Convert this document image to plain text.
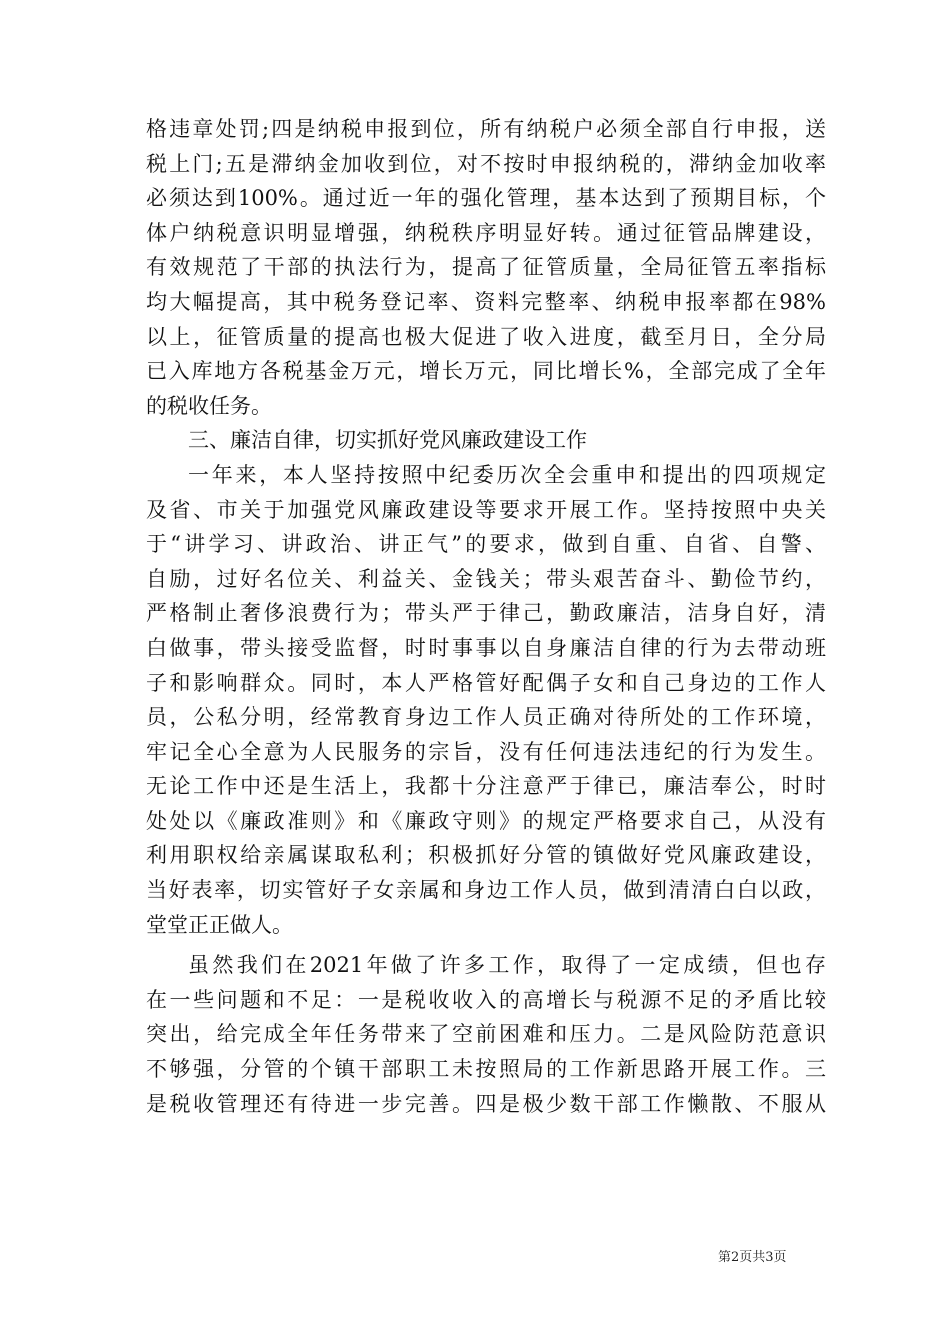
格违章处罚;四是纳税申报到位，所有纳税户必须全部自行申报，送
税上门;五是滞纳金加收到位，对不按时申报纳税的，滞纳金加收率
必须达到100%。通过近一年的强化管理，基本达到了预期目标，个
体户纳税意识明显增强，纳税秩序明显好转。通过征管品牌建设，
有效规范了干部的执法行为，提高了征管质量，全局征管五率指标
均大幅提高，其中税务登记率、资料完整率、纳税申报率都在98%
以上，征管质量的提高也极大促进了收入进度，截至月日，全分局
已入库地方各税基金万元，增长万元，同比增长%，全部完成了全年
的税收任务。
三、廉洁自律，切实抓好党风廉政建设工作
一年来，本人坚持按照中纪委历次全会重申和提出的四项规定
及省、市关于加强党风廉政建设等要求开展工作。坚持按照中央关
于“讲学习、讲政治、讲正气”的要求，做到自重、自省、自警、
自励，过好名位关、利益关、金钱关；带头艰苦奋斗、勤俭节约，
严格制止奢侈浪费行为；带头严于律己，勤政廉洁，洁身自好，清
白做事，带头接受监督，时时事事以自身廉洁自律的行为去带动班
子和影响群众。同时，本人严格管好配偶子女和自己身边的工作人
员，公私分明，经常教育身边工作人员正确对待所处的工作环境，
牢记全心全意为人民服务的宗旨，没有任何违法违纪的行为发生。
无论工作中还是生活上，我都十分注意严于律已，廉洁奉公，时时
处处以《廉政准则》和《廉政守则》的规定严格要求自己，从没有
利用职权给亲属谋取私利；积极抓好分管的镇做好党风廉政建设，
当好表率，切实管好子女亲属和身边工作人员，做到清清白白以政，
堂堂正正做人。
虽然我们在2021年做了许多工作，取得了一定成绩，但也存
在一些问题和不足：一是税收收入的高增长与税源不足的矛盾比较
突出，给完成全年任务带来了空前困难和压力。二是风险防范意识
不够强，分管的个镇干部职工未按照局的工作新思路开展工作。三
是税收管理还有待进一步完善。四是极少数干部工作懒散、不服从
第2页共3页
